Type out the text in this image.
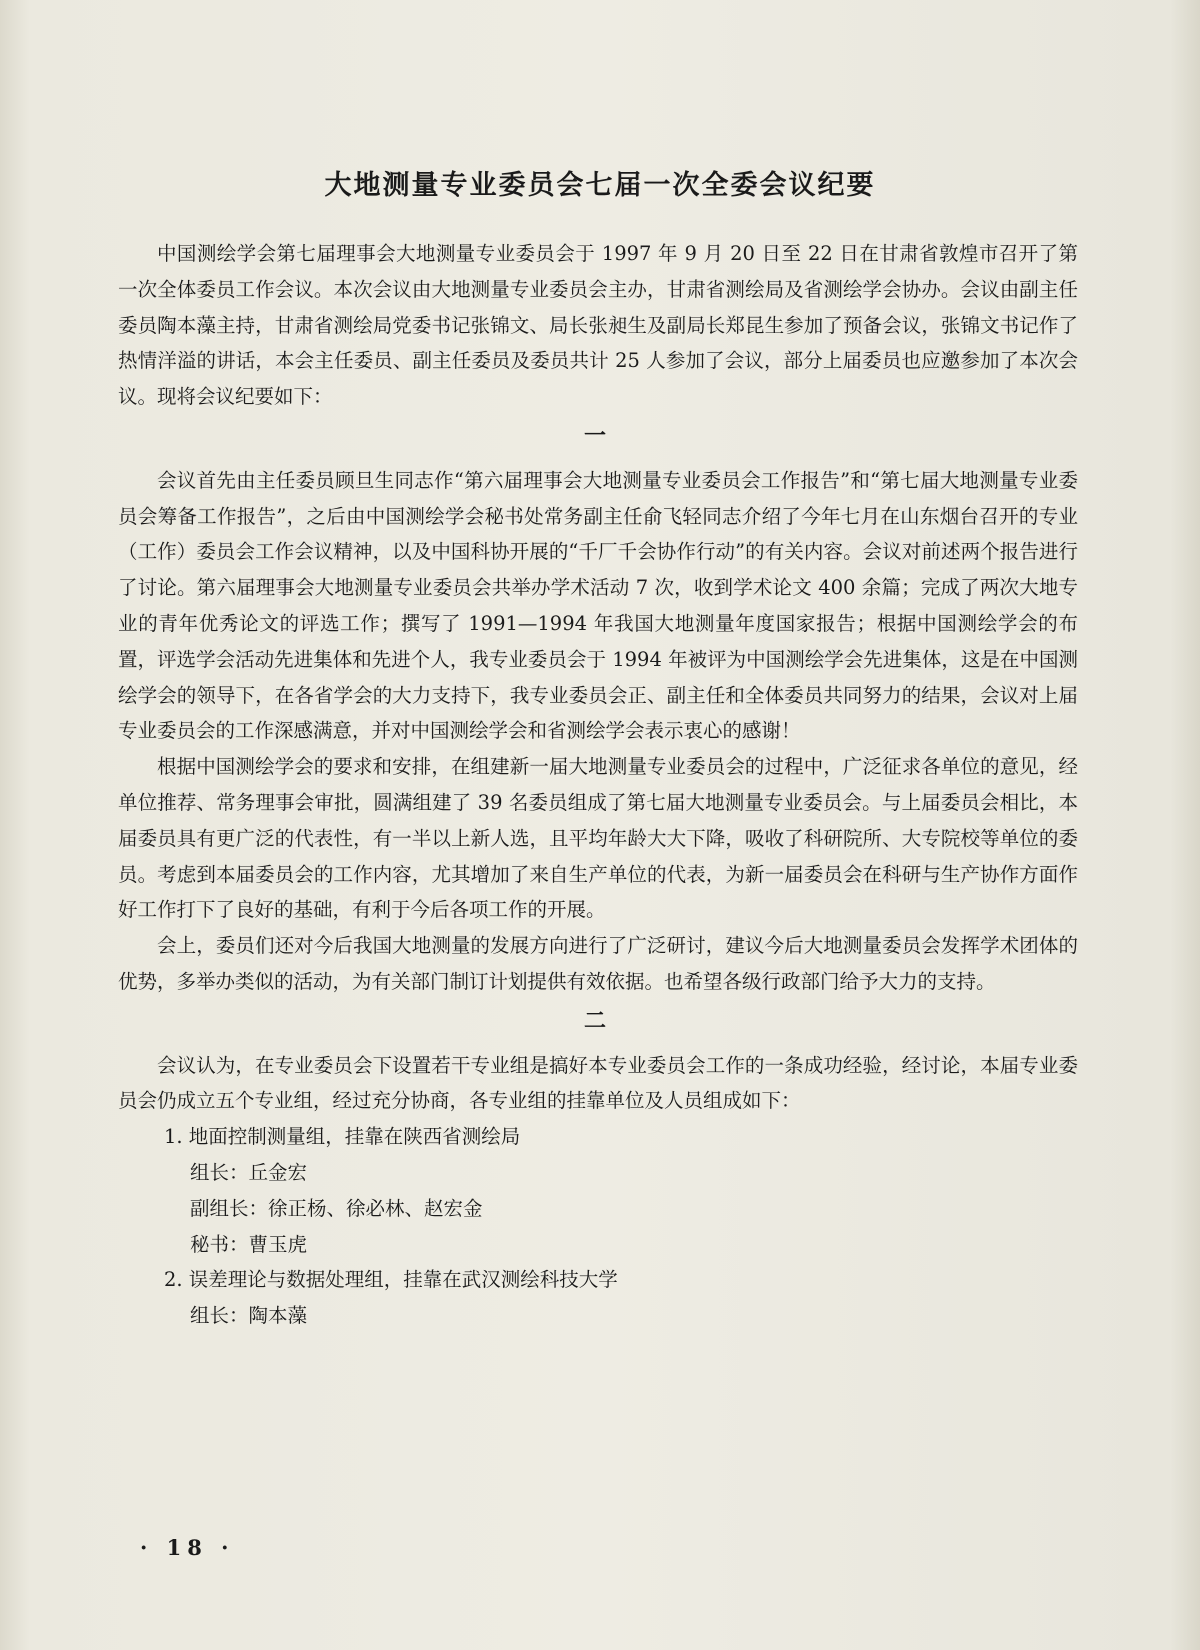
大地测量专业委员会七届一次全委会议纪要

中国测绘学会第七届理事会大地测量专业委员会于 1997 年 9 月 20 日至 22 日在甘肃省敦煌市召开了第一次全体委员工作会议。本次会议由大地测量专业委员会主办，甘肃省测绘局及省测绘学会协办。会议由副主任委员陶本藻主持，甘肃省测绘局党委书记张锦文、局长张昶生及副局长郑昆生参加了预备会议，张锦文书记作了热情洋溢的讲话，本会主任委员、副主任委员及委员共计 25 人参加了会议，部分上届委员也应邀参加了本次会议。现将会议纪要如下：

一

会议首先由主任委员顾旦生同志作“第六届理事会大地测量专业委员会工作报告”和“第七届大地测量专业委员会筹备工作报告”，之后由中国测绘学会秘书处常务副主任俞飞轻同志介绍了今年七月在山东烟台召开的专业（工作）委员会工作会议精神，以及中国科协开展的“千厂千会协作行动”的有关内容。会议对前述两个报告进行了讨论。第六届理事会大地测量专业委员会共举办学术活动 7 次，收到学术论文 400 余篇；完成了两次大地专业的青年优秀论文的评选工作；撰写了 1991—1994 年我国大地测量年度国家报告；根据中国测绘学会的布置，评选学会活动先进集体和先进个人，我专业委员会于 1994 年被评为中国测绘学会先进集体，这是在中国测绘学会的领导下，在各省学会的大力支持下，我专业委员会正、副主任和全体委员共同努力的结果，会议对上届专业委员会的工作深感满意，并对中国测绘学会和省测绘学会表示衷心的感谢！

根据中国测绘学会的要求和安排，在组建新一届大地测量专业委员会的过程中，广泛征求各单位的意见，经单位推荐、常务理事会审批，圆满组建了 39 名委员组成了第七届大地测量专业委员会。与上届委员会相比，本届委员具有更广泛的代表性，有一半以上新人选，且平均年龄大大下降，吸收了科研院所、大专院校等单位的委员。考虑到本届委员会的工作内容，尤其增加了来自生产单位的代表，为新一届委员会在科研与生产协作方面作好工作打下了良好的基础，有利于今后各项工作的开展。

会上，委员们还对今后我国大地测量的发展方向进行了广泛研讨，建议今后大地测量委员会发挥学术团体的优势，多举办类似的活动，为有关部门制订计划提供有效依据。也希望各级行政部门给予大力的支持。

二

会议认为，在专业委员会下设置若干专业组是搞好本专业委员会工作的一条成功经验，经讨论，本届专业委员会仍成立五个专业组，经过充分协商，各专业组的挂靠单位及人员组成如下：

1. 地面控制测量组，挂靠在陕西省测绘局
组长：丘金宏
副组长：徐正杨、徐必林、赵宏金
秘书：曹玉虎
2. 误差理论与数据处理组，挂靠在武汉测绘科技大学
组长：陶本藻
· 18 ·
